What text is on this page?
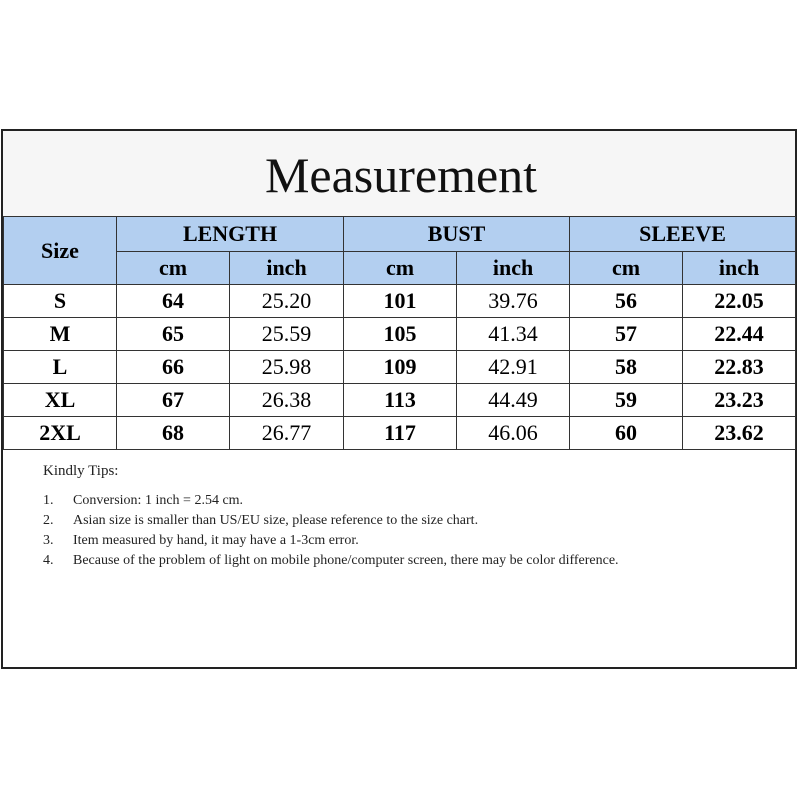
Measurement
Size	LENGTH		BUST		SLEEVE	
	cm	inch	cm	inch	cm	inch
S	64	25.20	101	39.76	56	22.05
M	65	25.59	105	41.34	57	22.44
L	66	25.98	109	42.91	58	22.83
XL	67	26.38	113	44.49	59	23.23
2XL	68	26.77	117	46.06	60	23.62
Kindly Tips:
1.	Conversion: 1 inch = 2.54 cm.
2.	Asian size is smaller than US/EU size, please reference to the size chart.
3.	Item measured by hand, it may have a 1-3cm error.
4.	Because of the problem of light on mobile phone/computer screen, there may be color difference.
